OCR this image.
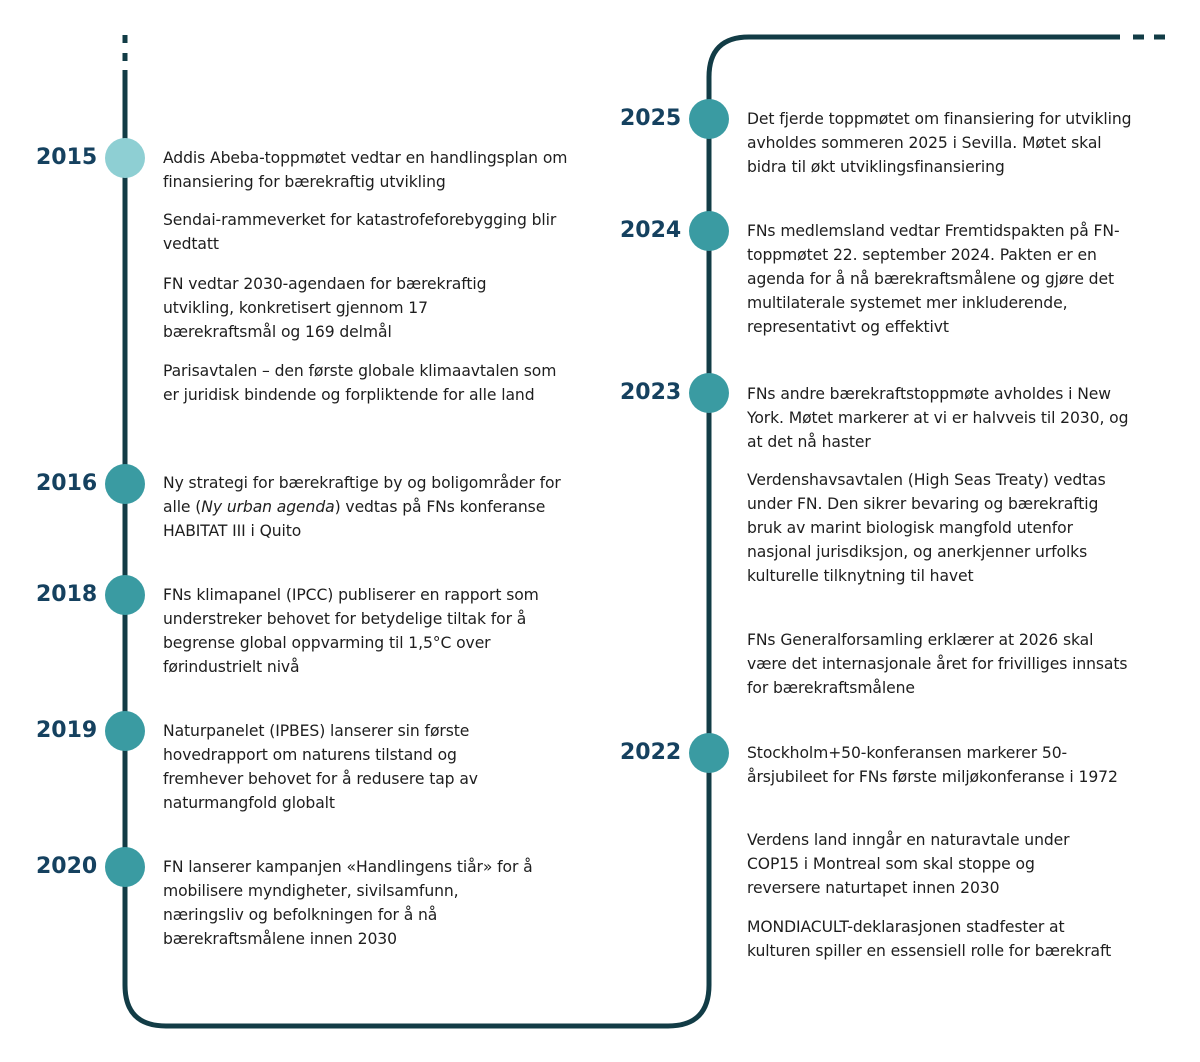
2015	Addis Abeba-toppmøtet vedtar en handlingsplan om finansiering for bærekraftig utvikling

Sendai-rammeverket for katastrofeforebygging blir vedtatt

FN vedtar 2030-agendaen for bærekraftig utvikling, konkretisert gjennom 17 bærekraftsmål og 169 delmål

Parisavtalen – den første globale klimaavtalen som er juridisk bindende og forpliktende for alle land

2016	Ny strategi for bærekraftige by og boligområder for alle (Ny urban agenda) vedtas på FNs konferanse HABITAT III i Quito

2018	FNs klimapanel (IPCC) publiserer en rapport som understreker behovet for betydelige tiltak for å begrense global oppvarming til 1,5°C over førindustrielt nivå

2019	Naturpanelet (IPBES) lanserer sin første hovedrapport om naturens tilstand og fremhever behovet for å redusere tap av naturmangfold globalt

2020	FN lanserer kampanjen «Handlingens tiår» for å mobilisere myndigheter, sivilsamfunn, næringsliv og befolkningen for å nå bærekraftsmålene innen 2030

2025	Det fjerde toppmøtet om finansiering for utvikling avholdes sommeren 2025 i Sevilla. Møtet skal bidra til økt utviklingsfinansiering

2024	FNs medlemsland vedtar Fremtidspakten på FN-toppmøtet 22. september 2024. Pakten er en agenda for å nå bærekraftsmålene og gjøre det multilaterale systemet mer inkluderende, representativt og effektivt

2023	FNs andre bærekraftstoppmøte avholdes i New York. Møtet markerer at vi er halvveis til 2030, og at det nå haster

Verdenshavsavtalen (High Seas Treaty) vedtas under FN. Den sikrer bevaring og bærekraftig bruk av marint biologisk mangfold utenfor nasjonal jurisdiksjon, og anerkjenner urfolks kulturelle tilknytning til havet

FNs Generalforsamling erklærer at 2026 skal være det internasjonale året for frivilliges innsats for bærekraftsmålene

2022	Stockholm+50-konferansen markerer 50-årsjubileet for FNs første miljøkonferanse i 1972

Verdens land inngår en naturavtale under COP15 i Montreal som skal stoppe og reversere naturtapet innen 2030

MONDIACULT-deklarasjonen stadfester at kulturen spiller en essensiell rolle for bærekraft
